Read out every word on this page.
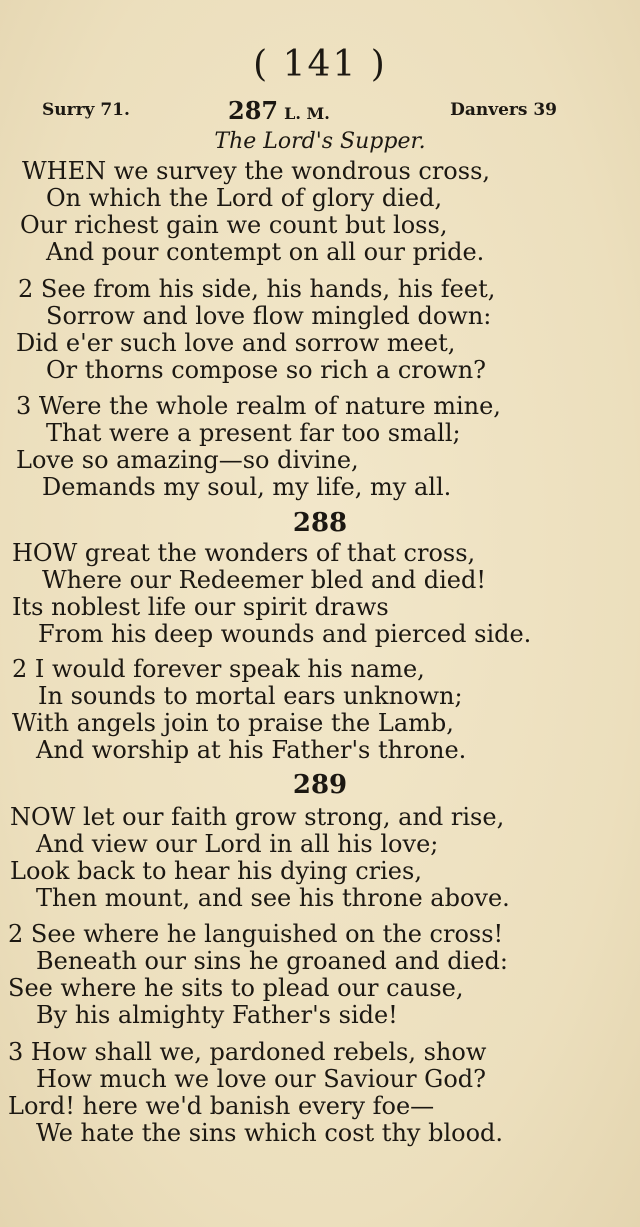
( 141 )
Surry 71.	287 L. M.	Danvers 39
The Lord's Supper.
WHEN we survey the wondrous cross,
On which the Lord of glory died,
Our richest gain we count but loss,
And pour contempt on all our pride.
2 See from his side, his hands, his feet,
Sorrow and love flow mingled down:
Did e'er such love and sorrow meet,
Or thorns compose so rich a crown?
3 Were the whole realm of nature mine,
That were a present far too small;
Love so amazing—so divine,
Demands my soul, my life, my all.
288
HOW great the wonders of that cross,
Where our Redeemer bled and died!
Its noblest life our spirit draws
From his deep wounds and pierced side.
2 I would forever speak his name,
In sounds to mortal ears unknown;
With angels join to praise the Lamb,
And worship at his Father's throne.
289
NOW let our faith grow strong, and rise,
And view our Lord in all his love;
Look back to hear his dying cries,
Then mount, and see his throne above.
2 See where he languished on the cross!
Beneath our sins he groaned and died:
See where he sits to plead our cause,
By his almighty Father's side!
3 How shall we, pardoned rebels, show
How much we love our Saviour God?
Lord! here we'd banish every foe—
We hate the sins which cost thy blood.
